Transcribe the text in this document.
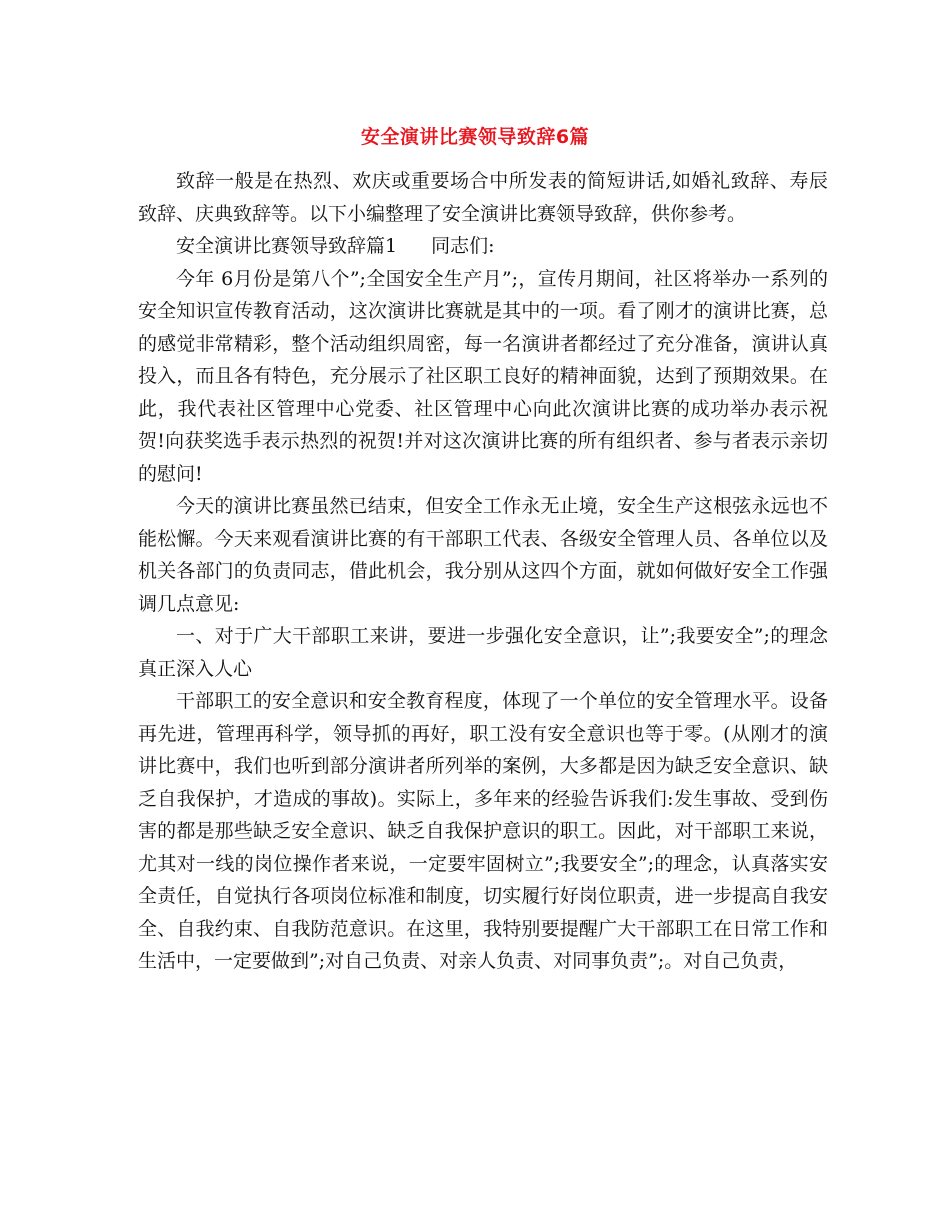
安全演讲比赛领导致辞6篇

致辞一般是在热烈、欢庆或重要场合中所发表的简短讲话,如婚礼致辞、寿辰致辞、庆典致辞等。以下小编整理了安全演讲比赛领导致辞，供你参考。

安全演讲比赛领导致辞篇1 同志们:

今年 6月份是第八个”;全国安全生产月”;，宣传月期间，社区将举办一系列的安全知识宣传教育活动，这次演讲比赛就是其中的一项。看了刚才的演讲比赛，总的感觉非常精彩，整个活动组织周密，每一名演讲者都经过了充分准备，演讲认真投入，而且各有特色，充分展示了社区职工良好的精神面貌，达到了预期效果。在此，我代表社区管理中心党委、社区管理中心向此次演讲比赛的成功举办表示祝贺!向获奖选手表示热烈的祝贺!并对这次演讲比赛的所有组织者、参与者表示亲切的慰问!

今天的演讲比赛虽然已结束，但安全工作永无止境，安全生产这根弦永远也不能松懈。今天来观看演讲比赛的有干部职工代表、各级安全管理人员、各单位以及机关各部门的负责同志，借此机会，我分别从这四个方面，就如何做好安全工作强调几点意见:

一、对于广大干部职工来讲，要进一步强化安全意识，让”;我要安全”;的理念真正深入人心

干部职工的安全意识和安全教育程度，体现了一个单位的安全管理水平。设备再先进，管理再科学，领导抓的再好，职工没有安全意识也等于零。(从刚才的演讲比赛中，我们也听到部分演讲者所列举的案例，大多都是因为缺乏安全意识、缺乏自我保护，才造成的事故)。实际上，多年来的经验告诉我们:发生事故、受到伤害的都是那些缺乏安全意识、缺乏自我保护意识的职工。因此，对干部职工来说，尤其对一线的岗位操作者来说，一定要牢固树立”;我要安全”;的理念，认真落实安全责任，自觉执行各项岗位标准和制度，切实履行好岗位职责，进一步提高自我安全、自我约束、自我防范意识。在这里，我特别要提醒广大干部职工在日常工作和生活中，一定要做到”;对自己负责、对亲人负责、对同事负责”;。对自己负责，
